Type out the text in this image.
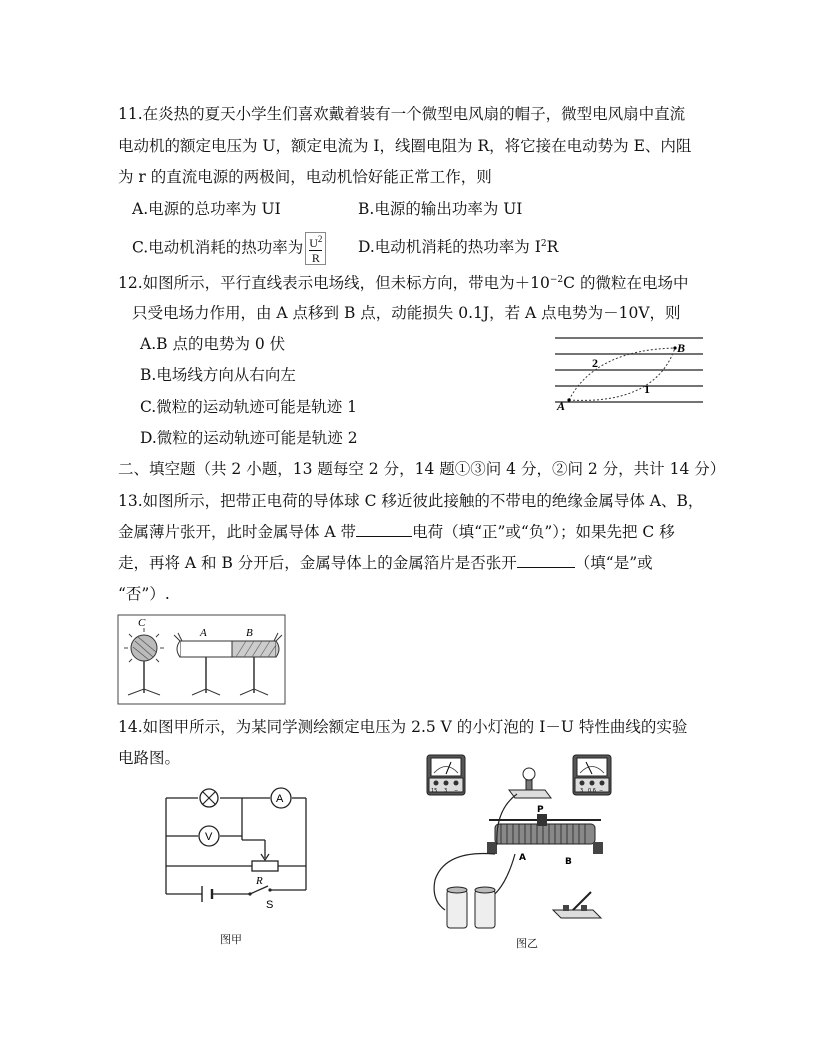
11.在炎热的夏天小学生们喜欢戴着装有一个微型电风扇的帽子，微型电风扇中直流
电动机的额定电压为 U，额定电流为 I，线圈电阻为 R，将它接在电动势为 E、内阻
为 r 的直流电源的两极间，电动机恰好能正常工作，则
A.电源的总功率为 UI	B.电源的输出功率为 UI
C.电动机消耗的热功率为 $\frac{U^2}{R} D$.电动机消耗的热功率为 $I^2R$
12.如图所示，平行直线表示电场线，但未标方向，带电为$+10^{-2}C$ 的微粒在电场中
只受电场力作用，由 A 点移到 B 点，动能损失 0.1J，若 A 点电势为－10V，则
A.B 点的电势为 0 伏
B.电场线方向从右向左
C.微粒的运动轨迹可能是轨迹 1
D.微粒的运动轨迹可能是轨迹 2
A
B
1
2
二、填空题（共 2 小题，13 题每空 2 分，14 题①③问 4 分，②问 2 分，共计 14 分）
13.如图所示，把带正电荷的导体球 C 移近彼此接触的不带电的绝缘金属导体 A、B，
金属薄片张开，此时金属导体 A 带	电荷（填“正”或“负”）；如果先把 C 移
走，再将 A 和 B 分开后，金属导体上的金属箔片是否张开	（填“是”或
“否”）.
C
A	B
14.如图甲所示，为某同学测绘额定电压为 2.5 V 的小灯泡的 I－U 特性曲线的实验
电路图。
A
V
R
S
图甲
15 3 −	3 0.6 −
P
A	B
图乙
